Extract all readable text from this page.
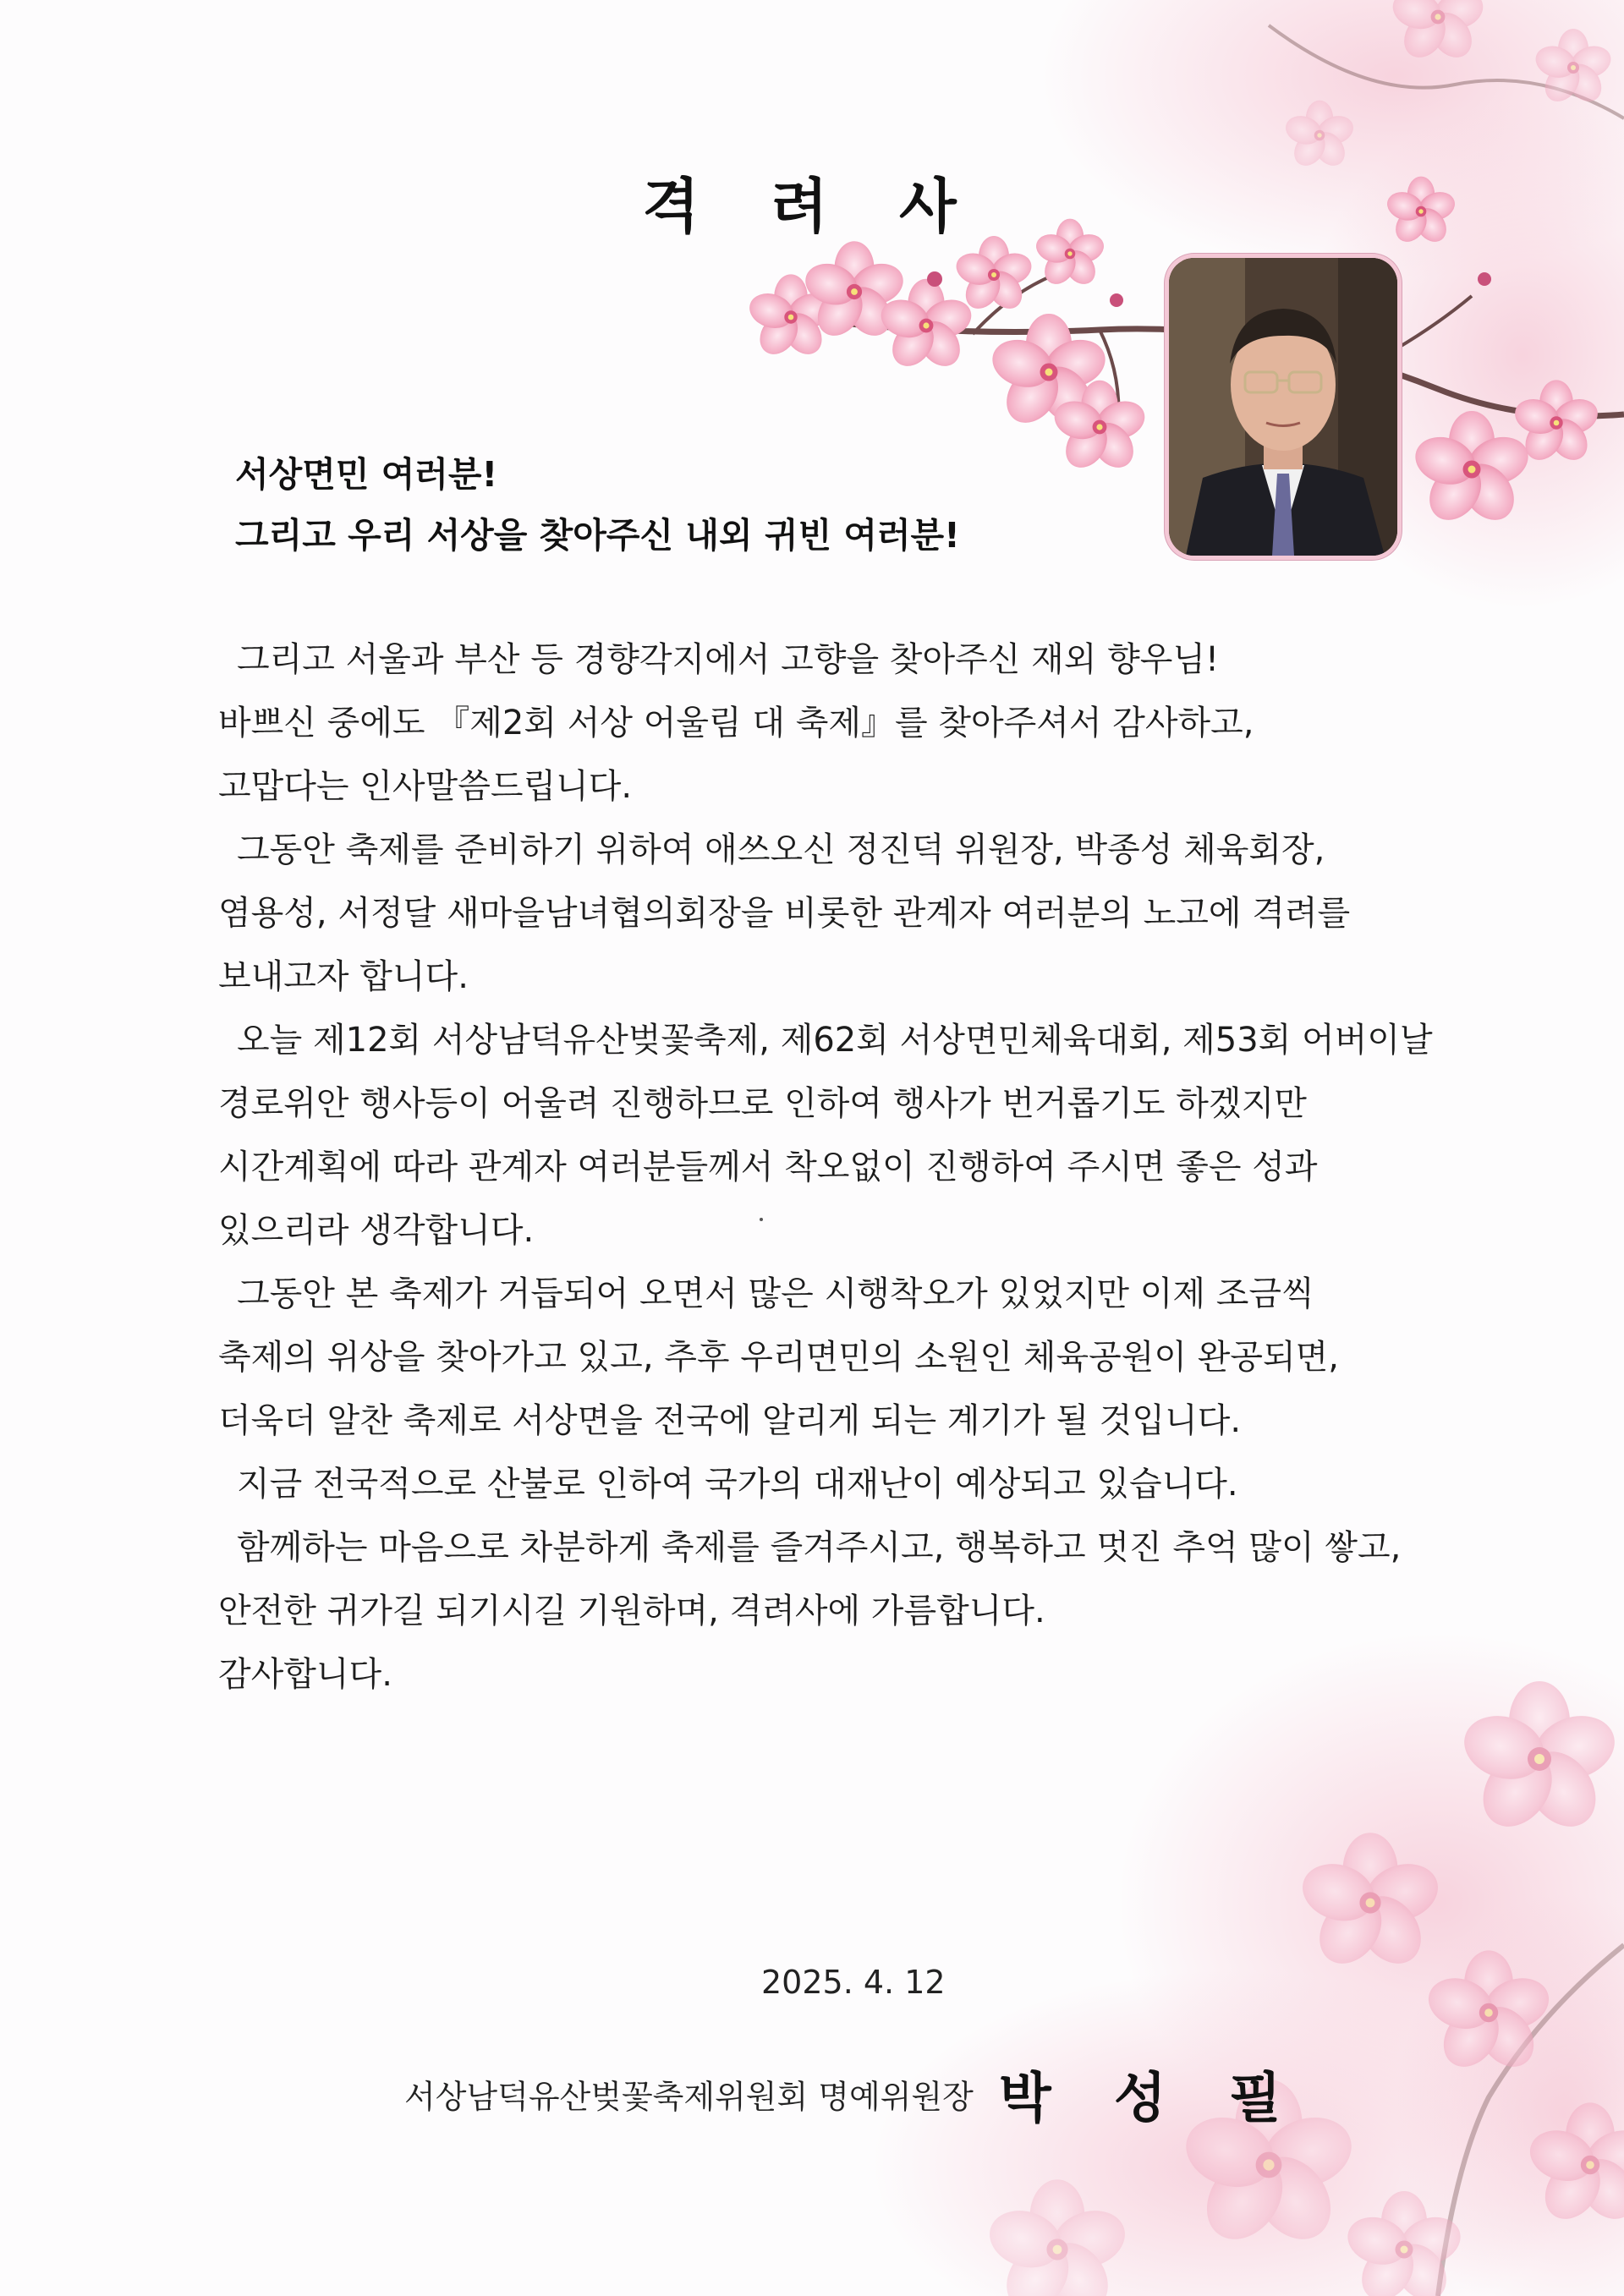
격 려 사
서상면민 여러분!
그리고 우리 서상을 찾아주신 내외 귀빈 여러분!

그리고 서울과 부산 등 경향각지에서 고향을 찾아주신 재외 향우님!

바쁘신 중에도 『제2회 서상 어울림 대 축제』를 찾아주셔서 감사하고,

고맙다는 인사말씀드립니다.

그동안 축제를 준비하기 위하여 애쓰오신 정진덕 위원장, 박종성 체육회장,

염용성, 서정달 새마을남녀협의회장을 비롯한 관계자 여러분의 노고에 격려를

보내고자 합니다.

오늘 제12회 서상남덕유산벚꽃축제, 제62회 서상면민체육대회, 제53회 어버이날

경로위안 행사등이 어울려 진행하므로 인하여 행사가 번거롭기도 하겠지만

시간계획에 따라 관계자 여러분들께서 착오없이 진행하여 주시면 좋은 성과

있으리라 생각합니다.

그동안 본 축제가 거듭되어 오면서 많은 시행착오가 있었지만 이제 조금씩

축제의 위상을 찾아가고 있고, 추후 우리면민의 소원인 체육공원이 완공되면,

더욱더 알찬 축제로 서상면을 전국에 알리게 되는 계기가 될 것입니다.

지금 전국적으로 산불로 인하여 국가의 대재난이 예상되고 있습니다.

함께하는 마음으로 차분하게 축제를 즐겨주시고, 행복하고 멋진 추억 많이 쌓고,

안전한 귀가길 되기시길 기원하며, 격려사에 가름합니다.

감사합니다.

2025. 4. 12
서상남덕유산벚꽃축제위원회 명예위원장 박 성 필
